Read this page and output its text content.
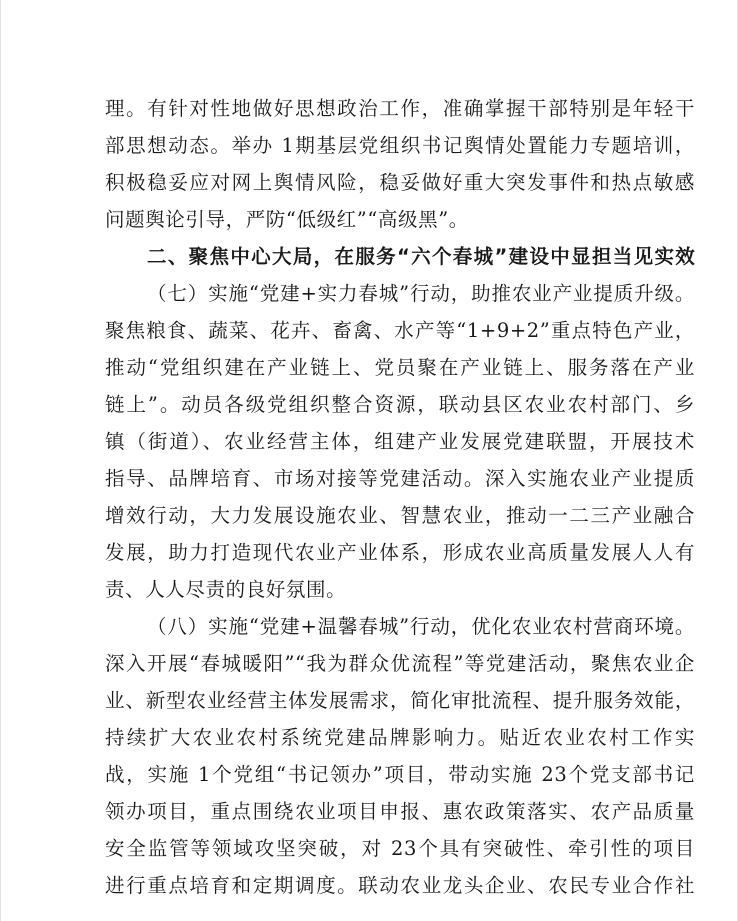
理。有针对性地做好思想政治工作，准确掌握干部特别是年轻干
部思想动态。举办 1期基层党组织书记舆情处置能力专题培训，
积极稳妥应对网上舆情风险，稳妥做好重大突发事件和热点敏感
问题舆论引导，严防“低级红”“高级黑”。
二、聚焦中心大局，在服务“六个春城”建设中显担当见实效
（七）实施“党建+实力春城”行动，助推农业产业提质升级。
聚焦粮食、蔬菜、花卉、畜禽、水产等“1+9+2”重点特色产业，
推动“党组织建在产业链上、党员聚在产业链上、服务落在产业
链上”。动员各级党组织整合资源，联动县区农业农村部门、乡
镇（街道）、农业经营主体，组建产业发展党建联盟，开展技术
指导、品牌培育、市场对接等党建活动。深入实施农业产业提质
增效行动，大力发展设施农业、智慧农业，推动一二三产业融合
发展，助力打造现代农业产业体系，形成农业高质量发展人人有
责、人人尽责的良好氛围。
（八）实施“党建+温馨春城”行动，优化农业农村营商环境。
深入开展“春城暖阳”“我为群众优流程”等党建活动，聚焦农业企
业、新型农业经营主体发展需求，简化审批流程、提升服务效能，
持续扩大农业农村系统党建品牌影响力。贴近农业农村工作实
战，实施 1个党组“书记领办”项目，带动实施 23个党支部书记
领办项目，重点围绕农业项目申报、惠农政策落实、农产品质量
安全监管等领域攻坚突破，对 23个具有突破性、牵引性的项目
进行重点培育和定期调度。联动农业龙头企业、农民专业合作社
